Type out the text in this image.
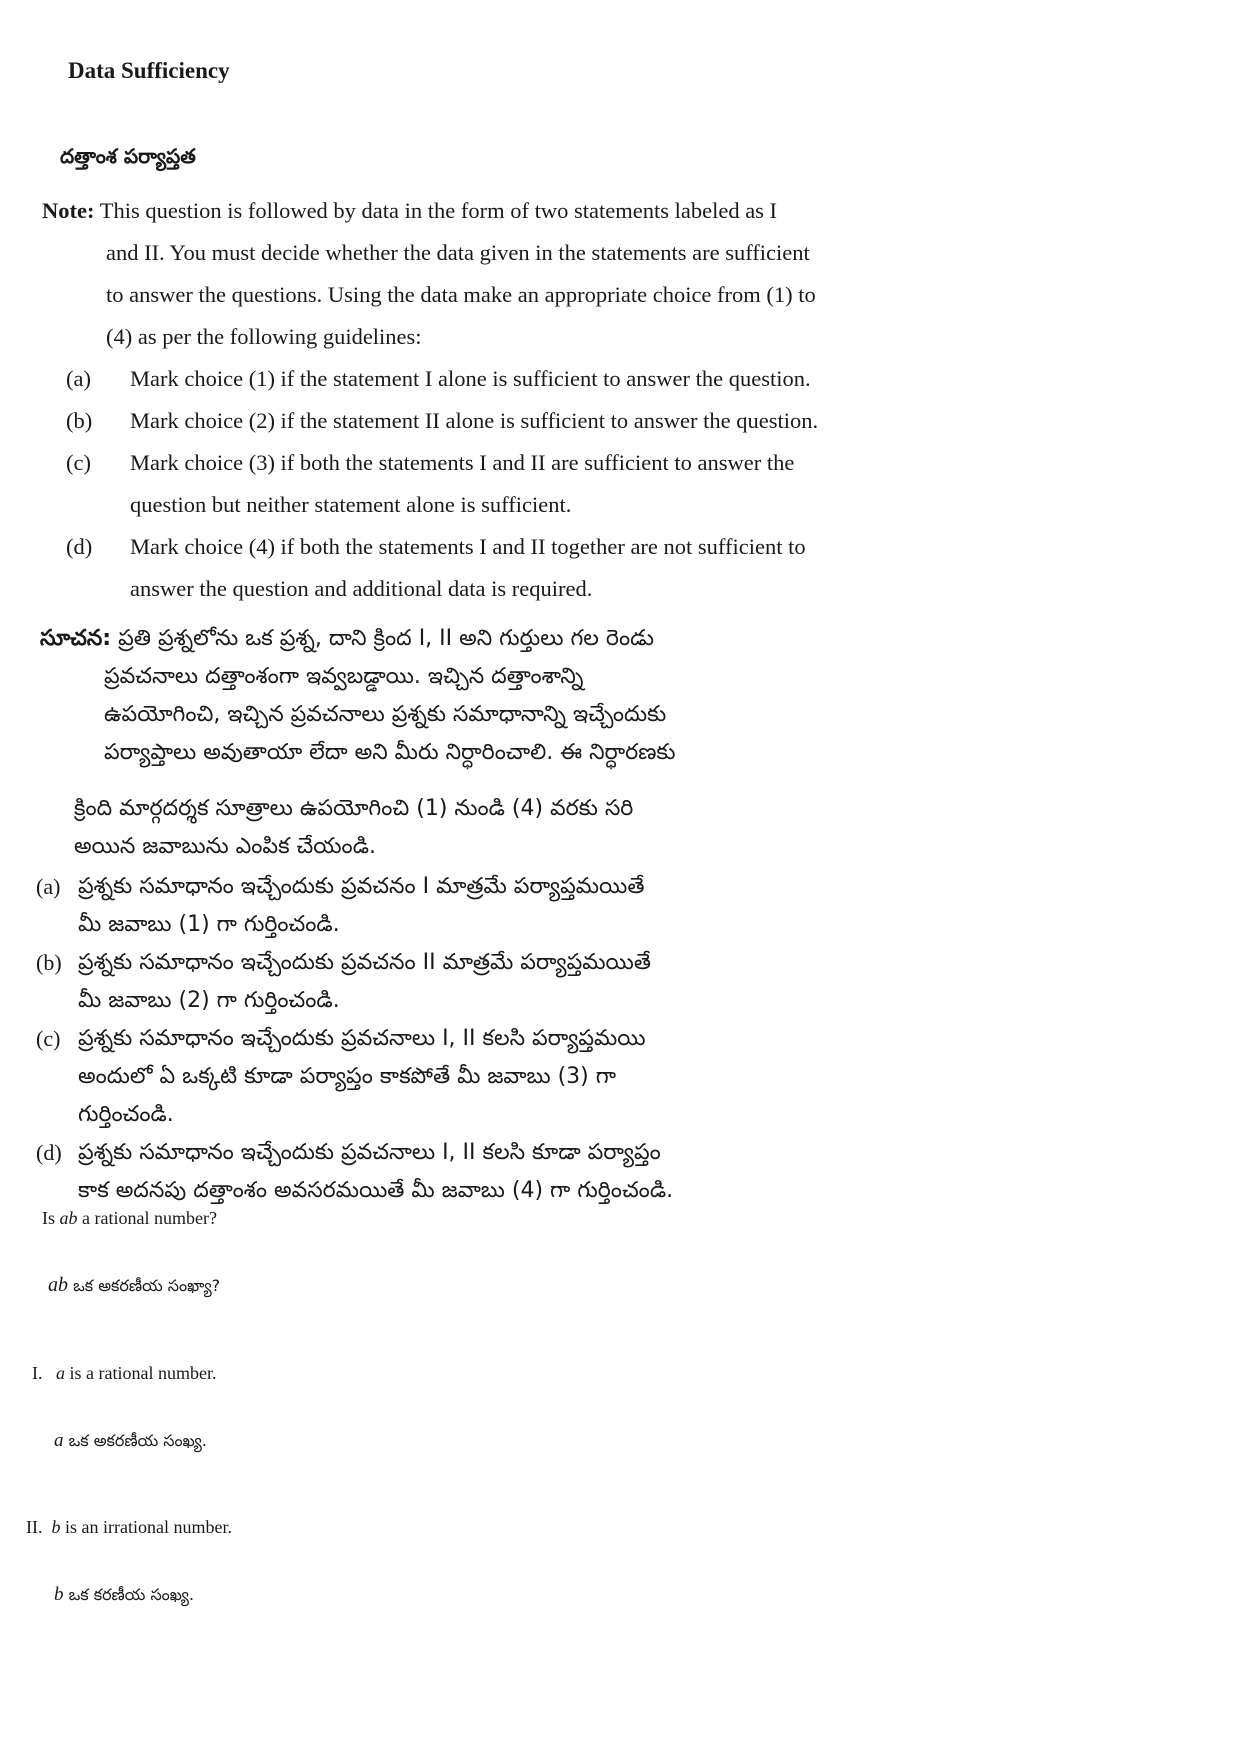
Data Sufficiency
దత్తాంశ పర్యాప్తత
Note: This question is followed by data in the form of two statements labeled as I
and II. You must decide whether the data given in the statements are sufficient
to answer the questions. Using the data make an appropriate choice from (1) to
(4) as per the following guidelines:
(a)	Mark choice (1) if the statement I alone is sufficient to answer the question.
(b)	Mark choice (2) if the statement II alone is sufficient to answer the question.
(c)	Mark choice (3) if both the statements I and II are sufficient to answer the
question but neither statement alone is sufficient.
(d)	Mark choice (4) if both the statements I and II together are not sufficient to
answer the question and additional data is required.
సూచన: ప్రతి ప్రశ్నలోను ఒక ప్రశ్న, దాని క్రింద I, II అని గుర్తులు గల రెండు
ప్రవచనాలు దత్తాంశంగా ఇవ్వబడ్డాయి. ఇచ్చిన దత్తాంశాన్ని
ఉపయోగించి, ఇచ్చిన ప్రవచనాలు ప్రశ్నకు సమాధానాన్ని ఇచ్చేందుకు
పర్యాప్తాలు అవుతాయా లేదా అని మీరు నిర్ధారించాలి. ఈ నిర్ధారణకు
క్రింది మార్గదర్శక సూత్రాలు ఉపయోగించి (1) నుండి (4) వరకు సరి
అయిన జవాబును ఎంపిక చేయండి.
(a) ప్రశ్నకు సమాధానం ఇచ్చేందుకు ప్రవచనం I మాత్రమే పర్యాప్తమయితే
మీ జవాబు (1) గా గుర్తించండి.
(b) ప్రశ్నకు సమాధానం ఇచ్చేందుకు ప్రవచనం II మాత్రమే పర్యాప్తమయితే
మీ జవాబు (2) గా గుర్తించండి.
(c) ప్రశ్నకు సమాధానం ఇచ్చేందుకు ప్రవచనాలు I, II కలసి పర్యాప్తమయి
అందులో ఏ ఒక్కటి కూడా పర్యాప్తం కాకపోతే మీ జవాబు (3) గా
గుర్తించండి.
(d) ప్రశ్నకు సమాధానం ఇచ్చేందుకు ప్రవచనాలు I, II కలసి కూడా పర్యాప్తం
కాక అదనపు దత్తాంశం అవసరమయితే మీ జవాబు (4) గా గుర్తించండి.
Is ab a rational number?
ab ఒక అకరణీయ సంఖ్యా?
I. a is a rational number.
a ఒక అకరణీయ సంఖ్య.
II. b is an irrational number.
b ఒక కరణీయ సంఖ్య.
